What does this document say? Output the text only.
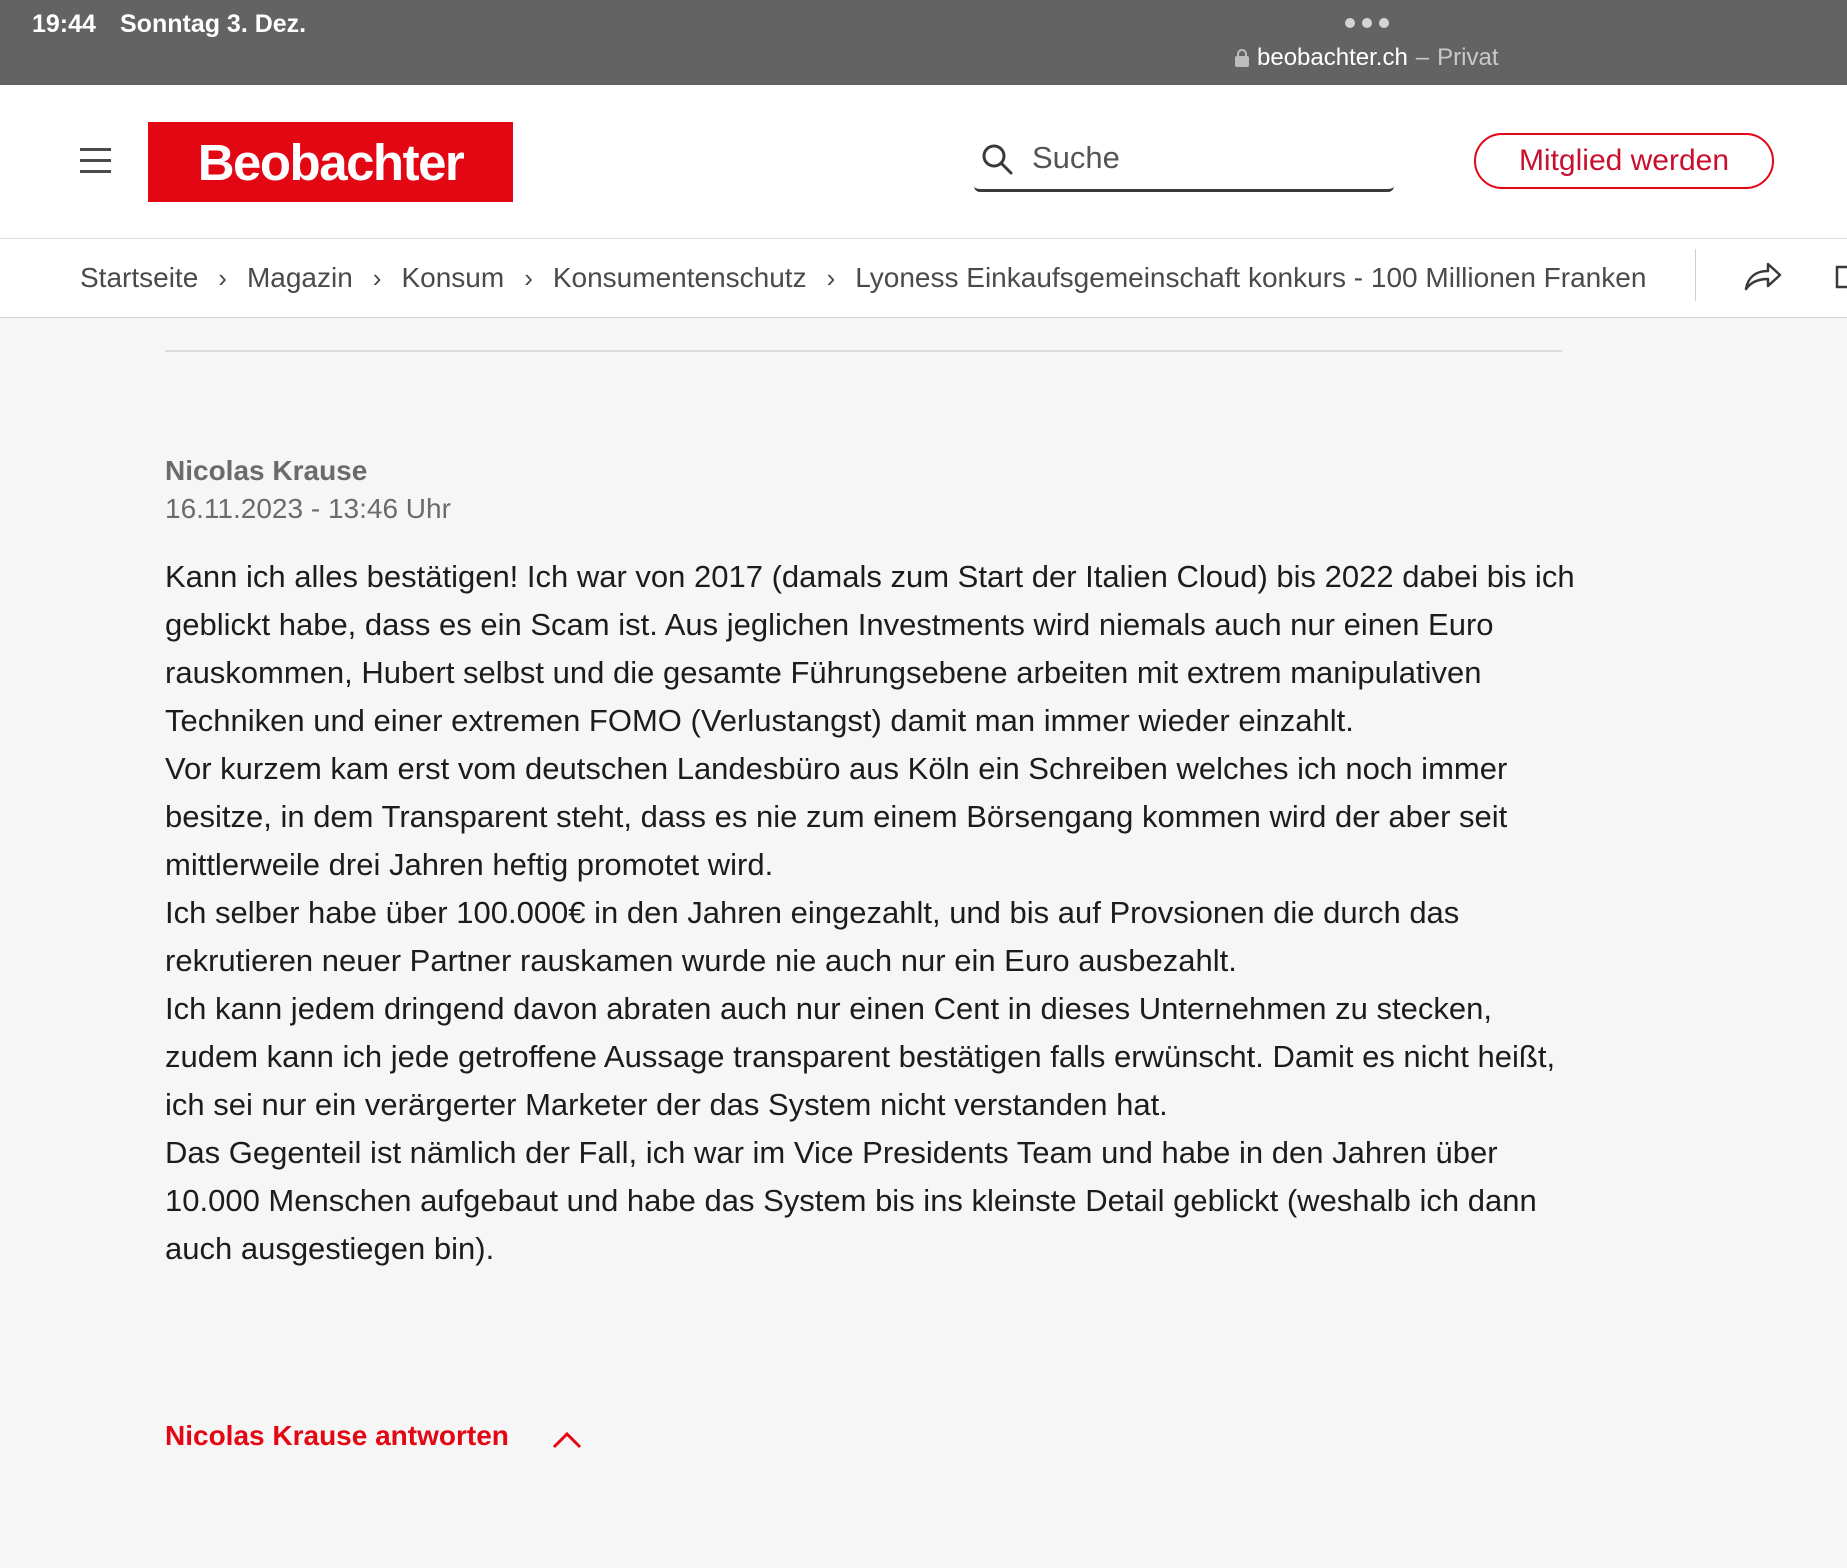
19:44 Sonntag 3. Dez.
beobachter.ch – Privat
Beobachter
Suche	Mitglied werden
Startseite › Magazin › Konsum › Konsumentenschutz › Lyoness Einkaufsgemeinschaft konkurs - 100 Millionen Franken
Nicolas Krause
16.11.2023 - 13:46 Uhr

Kann ich alles bestätigen! Ich war von 2017 (damals zum Start der Italien Cloud) bis 2022 dabei bis ich geblickt habe, dass es ein Scam ist. Aus jeglichen Investments wird niemals auch nur einen Euro rauskommen, Hubert selbst und die gesamte Führungsebene arbeiten mit extrem manipulativen Techniken und einer extremen FOMO (Verlustangst) damit man immer wieder einzahlt.

Vor kurzem kam erst vom deutschen Landesbüro aus Köln ein Schreiben welches ich noch immer besitze, in dem Transparent steht, dass es nie zum einem Börsengang kommen wird der aber seit mittlerweile drei Jahren heftig promotet wird.

Ich selber habe über 100.000€ in den Jahren eingezahlt, und bis auf Provsionen die durch das rekrutieren neuer Partner rauskamen wurde nie auch nur ein Euro ausbezahlt.

Ich kann jedem dringend davon abraten auch nur einen Cent in dieses Unternehmen zu stecken, zudem kann ich jede getroffene Aussage transparent bestätigen falls erwünscht. Damit es nicht heißt, ich sei nur ein verärgerter Marketer der das System nicht verstanden hat.

Das Gegenteil ist nämlich der Fall, ich war im Vice Presidents Team und habe in den Jahren über 10.000 Menschen aufgebaut und habe das System bis ins kleinste Detail geblickt (weshalb ich dann auch ausgestiegen bin).

Nicolas Krause antworten
